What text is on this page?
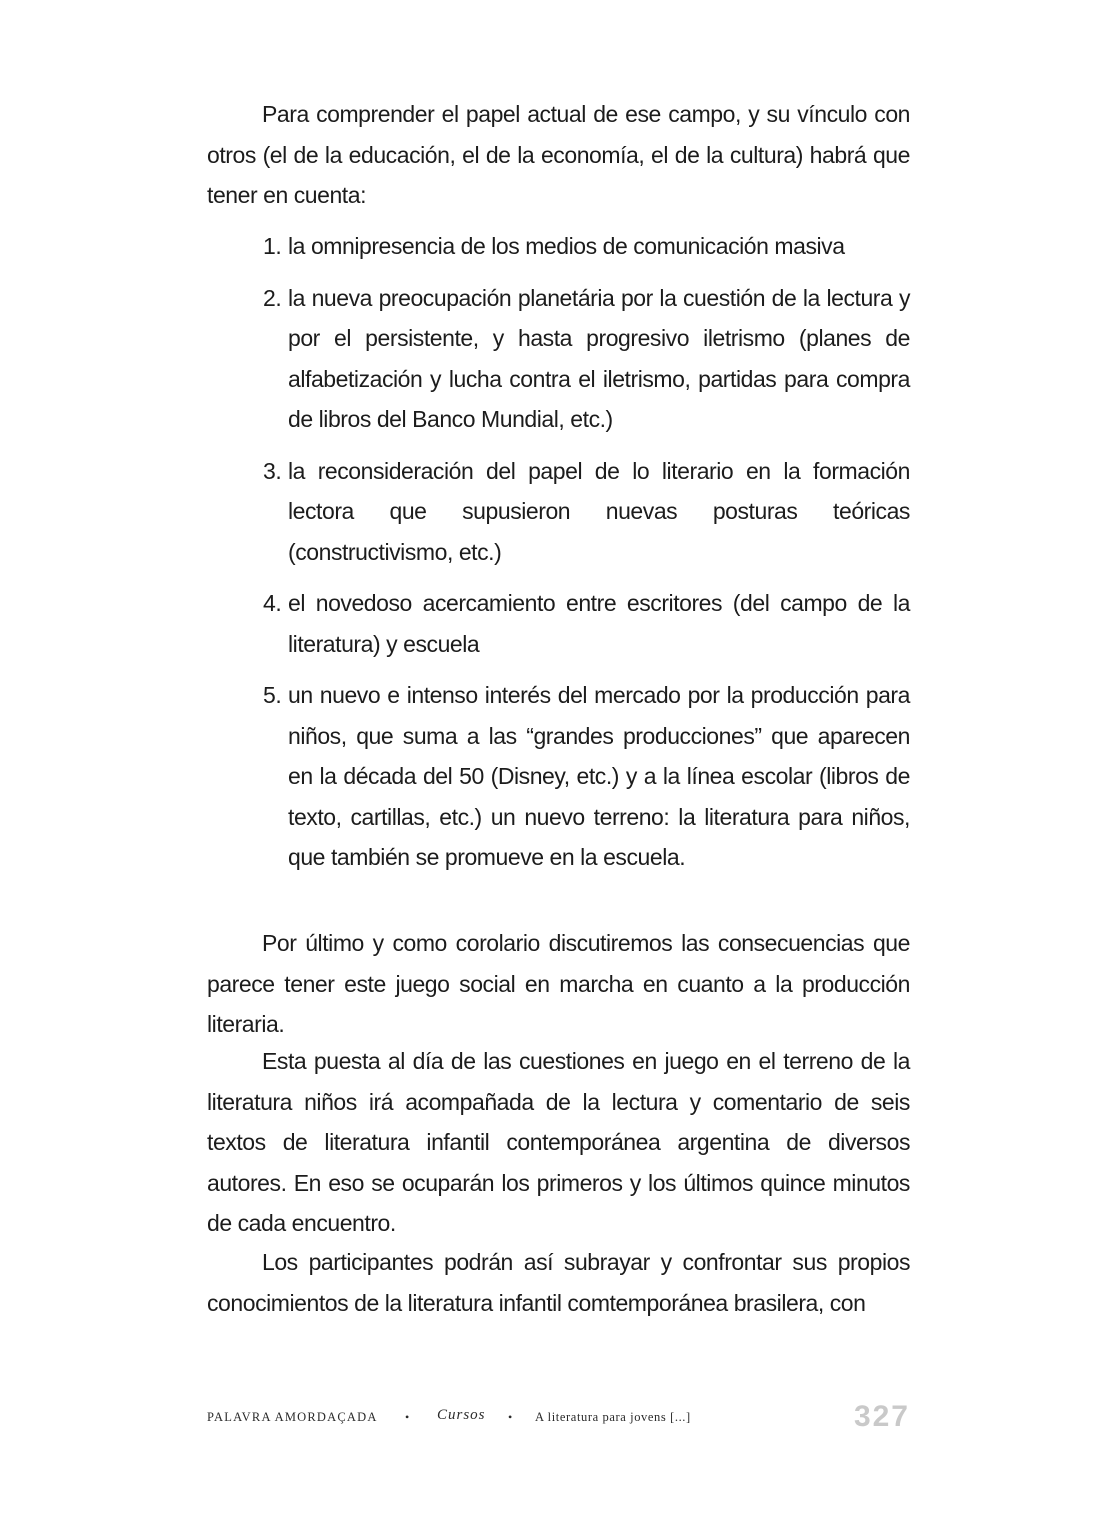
Para comprender el papel actual de ese campo, y su vínculo con otros (el de la educación, el de la economía, el de la cultura) habrá que tener en cuenta:

1. la omnipresencia de los medios de comunicación masiva
2. la nueva preocupación planetária por la cuestión de la lectura y por el persistente, y hasta progresivo iletrismo (planes de alfabetización y lucha contra el iletrismo, partidas para compra de libros del Banco Mundial, etc.)
3. la reconsideración del papel de lo literario en la formación lectora que supusieron nuevas posturas teóricas (constructivismo, etc.)
4. el novedoso acercamiento entre escritores (del campo de la literatura) y escuela
5. un nuevo e intenso interés del mercado por la producción para niños, que suma a las “grandes producciones” que aparecen en la década del 50 (Disney, etc.) y a la línea escolar (libros de texto, cartillas, etc.) un nuevo terreno: la literatura para niños, que también se promueve en la escuela.

Por último y como corolario discutiremos las consecuencias que parece tener este juego social en marcha en cuanto a la producción literaria.

Esta puesta al día de las cuestiones en juego en el terreno de la literatura niños irá acompañada de la lectura y comentario de seis textos de literatura infantil contemporánea argentina de diversos autores. En eso se ocuparán los primeros y los últimos quince minutos de cada encuentro.

Los participantes podrán así subrayar y confrontar sus propios conocimientos de la literatura infantil comtemporánea brasilera, con

PALAVRA AMORDAÇADA • Cursos • A literatura para jovens [...]	327
